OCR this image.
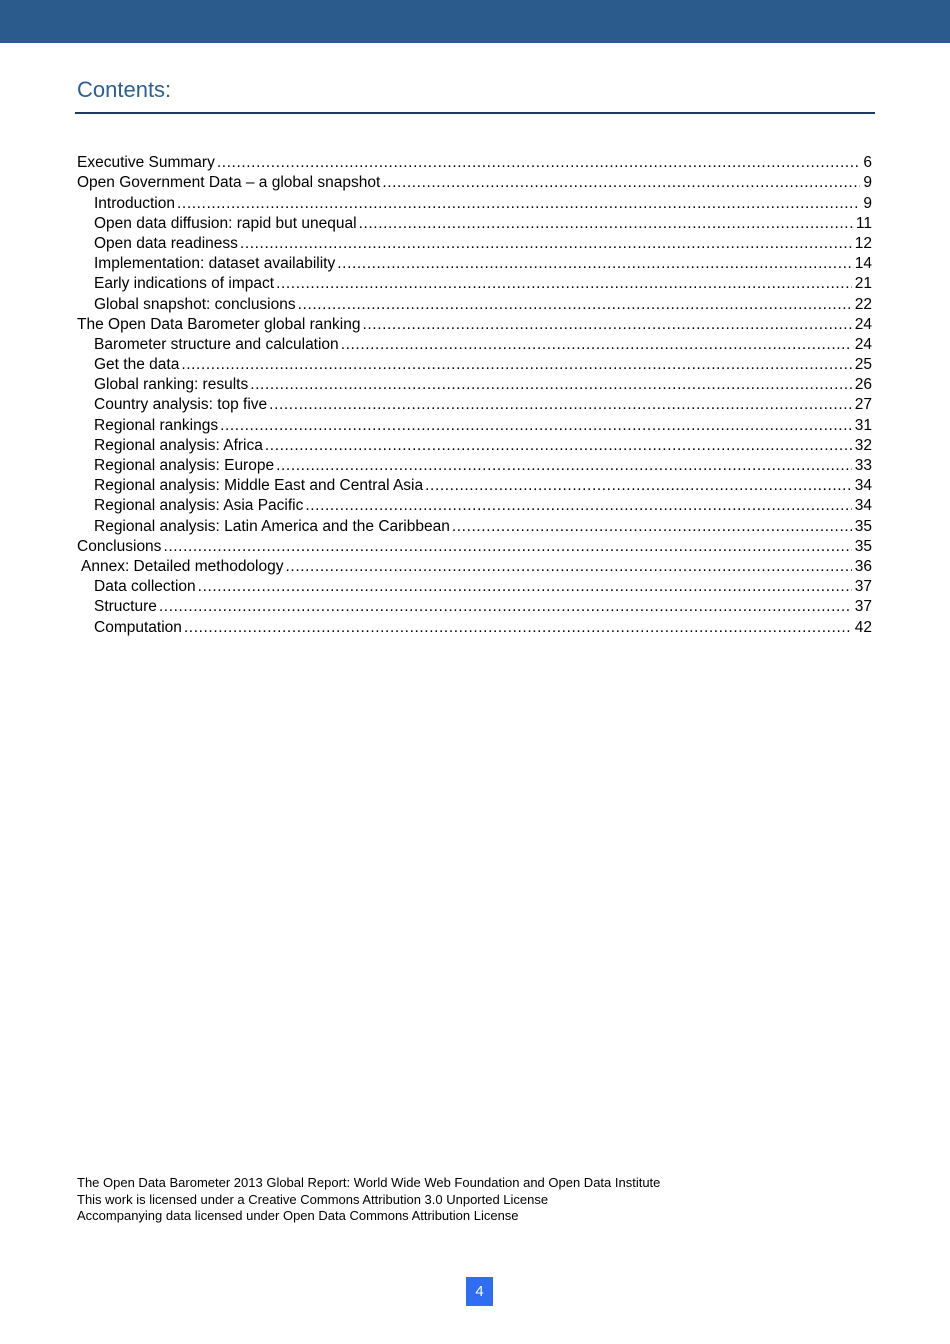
Contents:
Executive Summary .....	6
Open Government Data – a global snapshot .....	9
Introduction .....	9
Open data diffusion: rapid but unequal .....	11
Open data readiness .....	12
Implementation: dataset availability .....	14
Early indications of impact .....	21
Global snapshot: conclusions .....	22
The Open Data Barometer global ranking .....	24
Barometer structure and calculation .....	24
Get the data .....	25
Global ranking: results .....	26
Country analysis: top five .....	27
Regional rankings .....	31
Regional analysis: Africa .....	32
Regional analysis: Europe .....	33
Regional analysis: Middle East and Central Asia .....	34
Regional analysis: Asia Pacific .....	34
Regional analysis: Latin America and the Caribbean .....	35
Conclusions .....	35
Annex: Detailed methodology .....	36
Data collection .....	37
Structure .....	37
Computation .....	42
The Open Data Barometer 2013 Global Report: World Wide Web Foundation and Open Data Institute
This work is licensed under a Creative Commons Attribution 3.0 Unported License
Accompanying data licensed under Open Data Commons Attribution License
4
